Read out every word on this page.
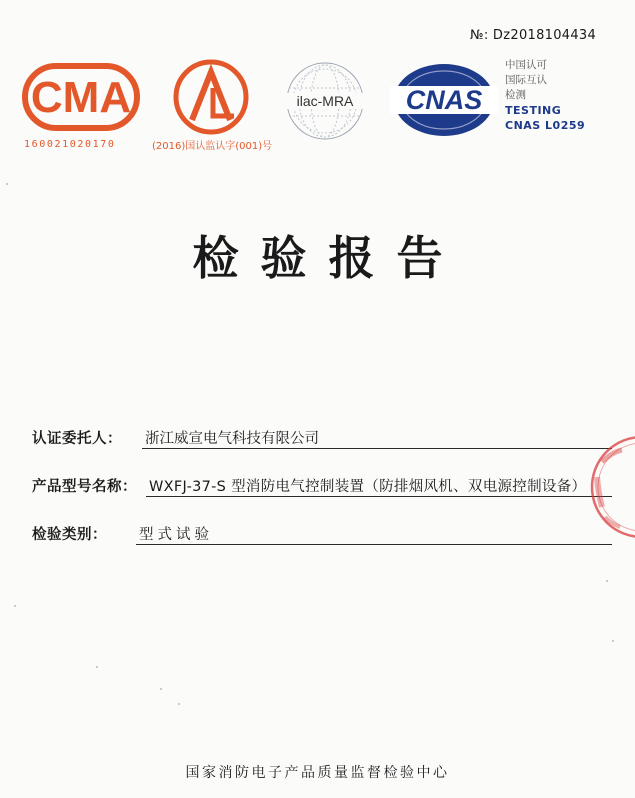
№: Dz2018104434
CMA
160021020170
CAL
(2016)国认监认字(001)号
ilac-MRA CNAS
中国认可
国际互认
检测
TESTING
CNAS L0259
检验报告
认证委托人： 浙江威宣电气科技有限公司
产品型号名称： WXFJ-37-S 型消防电气控制装置（防排烟风机、双电源控制设备）
检验类别： 型式试验
国家消防电子产品质量监督检验中心
